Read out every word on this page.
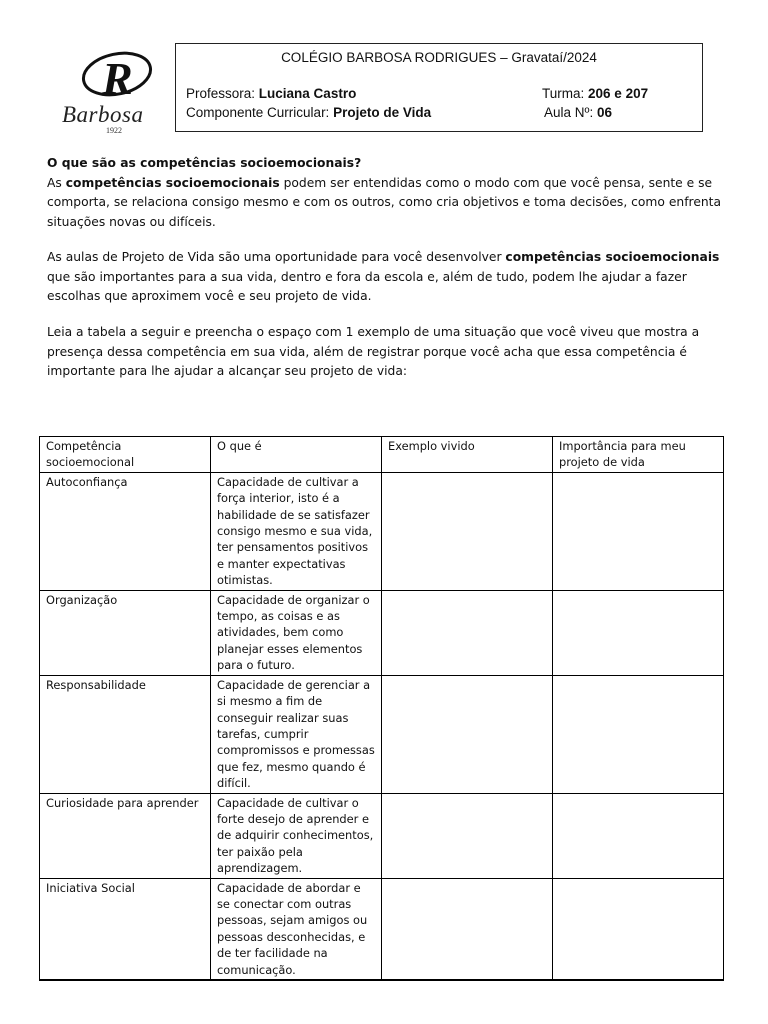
R
Barbosa
1922
COLÉGIO BARBOSA RODRIGUES – Gravataí/2024
Professora: Luciana Castro	Turma: 206 e 207
Componente Curricular: Projeto de Vida	Aula Nº: 06

O que são as competências socioemocionais?

As competências socioemocionais podem ser entendidas como o modo com que você pensa, sente e se comporta, se relaciona consigo mesmo e com os outros, como cria objetivos e toma decisões, como enfrenta situações novas ou difíceis.

As aulas de Projeto de Vida são uma oportunidade para você desenvolver competências socioemocionais que são importantes para a sua vida, dentro e fora da escola e, além de tudo, podem lhe ajudar a fazer escolhas que aproximem você e seu projeto de vida.

Leia a tabela a seguir e preencha o espaço com 1 exemplo de uma situação que você viveu que mostra a presença dessa competência em sua vida, além de registrar porque você acha que essa competência é importante para lhe ajudar a alcançar seu projeto de vida:

Competência socioemocional	O que é	Exemplo vivido	Importância para meu projeto de vida
Autoconfiança	Capacidade de cultivar a força interior, isto é a habilidade de se satisfazer consigo mesmo e sua vida, ter pensamentos positivos e manter expectativas otimistas.		
Organização	Capacidade de organizar o tempo, as coisas e as atividades, bem como planejar esses elementos para o futuro.		
Responsabilidade	Capacidade de gerenciar a si mesmo a fim de conseguir realizar suas tarefas, cumprir compromissos e promessas que fez, mesmo quando é difícil.		
Curiosidade para aprender	Capacidade de cultivar o forte desejo de aprender e de adquirir conhecimentos, ter paixão pela aprendizagem.		
Iniciativa Social	Capacidade de abordar e se conectar com outras pessoas, sejam amigos ou pessoas desconhecidas, e de ter facilidade na comunicação.		
